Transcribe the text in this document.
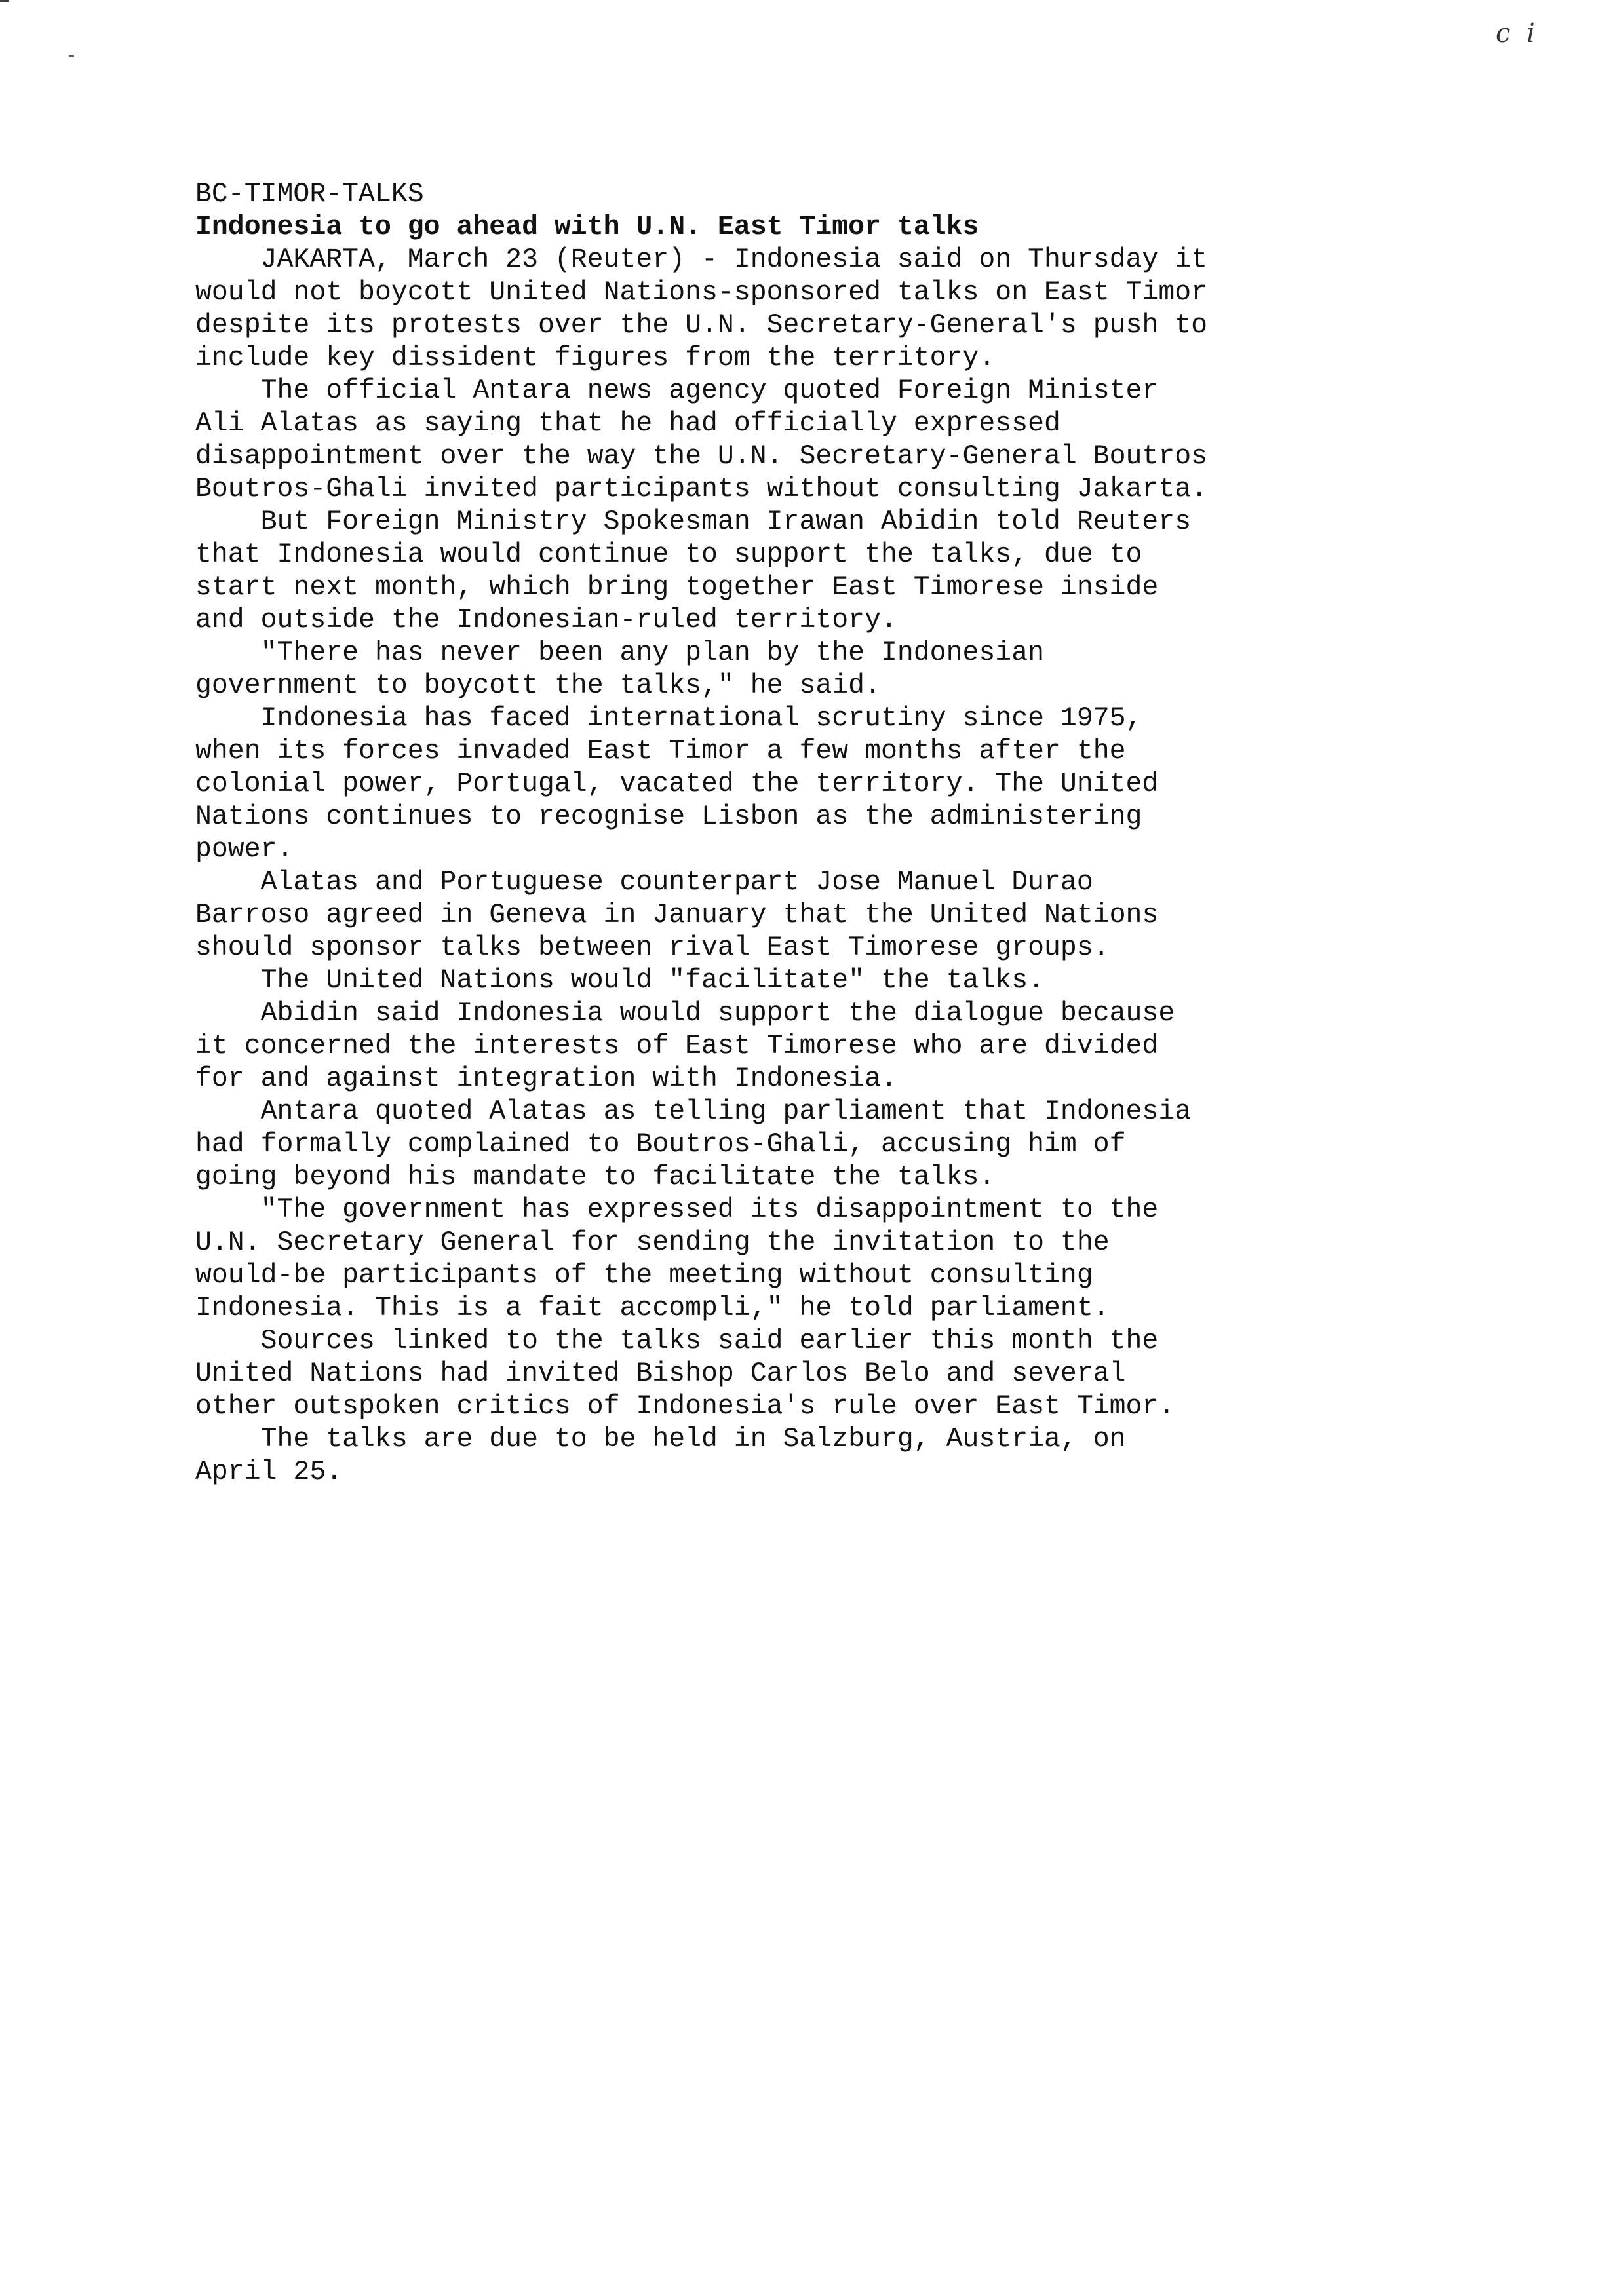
c i
BC-TIMOR-TALKS
Indonesia to go ahead with U.N. East Timor talks
JAKARTA, March 23 (Reuter) - Indonesia said on Thursday it
would not boycott United Nations-sponsored talks on East Timor
despite its protests over the U.N. Secretary-General's push to
include key dissident figures from the territory.
The official Antara news agency quoted Foreign Minister
Ali Alatas as saying that he had officially expressed
disappointment over the way the U.N. Secretary-General Boutros
Boutros-Ghali invited participants without consulting Jakarta.
But Foreign Ministry Spokesman Irawan Abidin told Reuters
that Indonesia would continue to support the talks, due to
start next month, which bring together East Timorese inside
and outside the Indonesian-ruled territory.
"There has never been any plan by the Indonesian
government to boycott the talks," he said.
Indonesia has faced international scrutiny since 1975,
when its forces invaded East Timor a few months after the
colonial power, Portugal, vacated the territory. The United
Nations continues to recognise Lisbon as the administering
power.
Alatas and Portuguese counterpart Jose Manuel Durao
Barroso agreed in Geneva in January that the United Nations
should sponsor talks between rival East Timorese groups.
The United Nations would "facilitate" the talks.
Abidin said Indonesia would support the dialogue because
it concerned the interests of East Timorese who are divided
for and against integration with Indonesia.
Antara quoted Alatas as telling parliament that Indonesia
had formally complained to Boutros-Ghali, accusing him of
going beyond his mandate to facilitate the talks.
"The government has expressed its disappointment to the
U.N. Secretary General for sending the invitation to the
would-be participants of the meeting without consulting
Indonesia. This is a fait accompli," he told parliament.
Sources linked to the talks said earlier this month the
United Nations had invited Bishop Carlos Belo and several
other outspoken critics of Indonesia's rule over East Timor.
The talks are due to be held in Salzburg, Austria, on
April 25.
